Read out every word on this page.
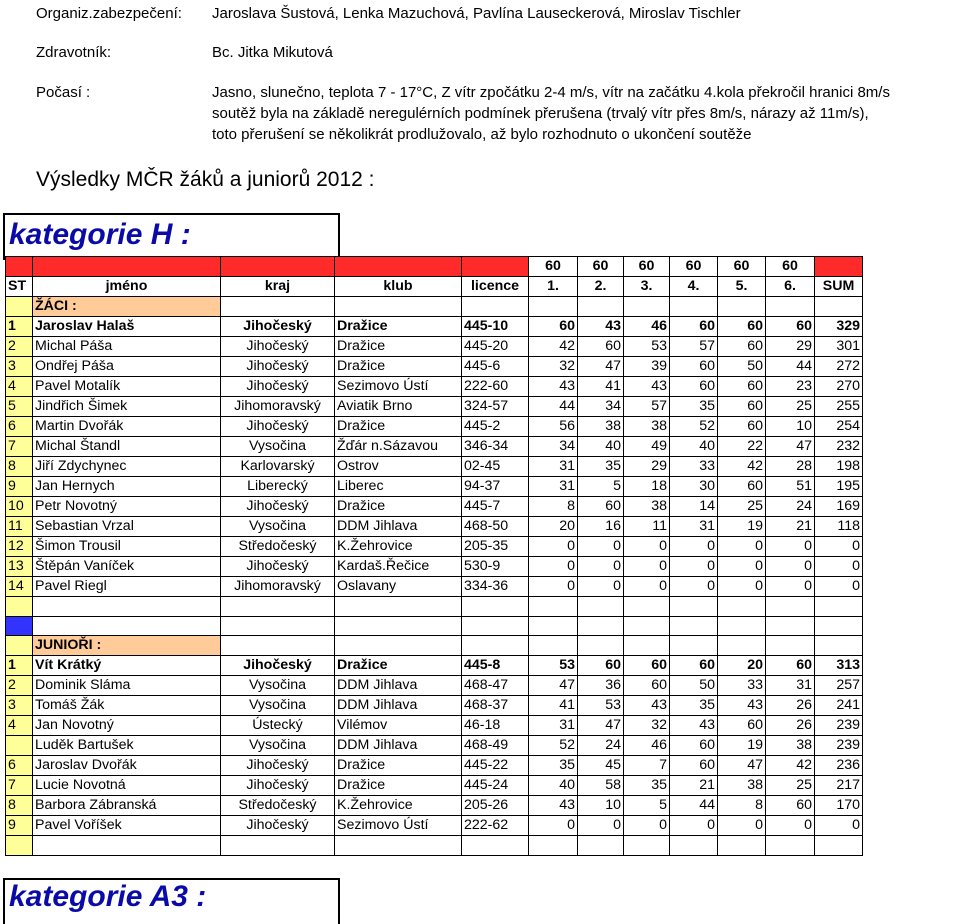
Organiz.zabezpečení: Jaroslava Šustová, Lenka Mazuchová, Pavlína Lauseckerová, Miroslav Tischler
Zdravotník:	Bc. Jitka Mikutová
Počasí :	Jasno, slunečno, teplota 7 - 17°C, Z vítr zpočátku 2-4 m/s, vítr na začátku 4.kola překročil hranici 8m/s
soutěž byla na základě neregulérních podmínek přerušena (trvalý vítr přes 8m/s, nárazy až 11m/s),
toto přerušení se několikrát prodlužovalo, až bylo rozhodnuto o ukončení soutěže
Výsledky MČR žáků a juniorů 2012 :
kategorie H :
					60	60	60	60	60	60	
ST	jméno	kraj	klub	licence	1.	2.	3.	4.	5.	6.	SUM
	ŽÁCI :										
1	Jaroslav Halaš	Jihočeský	Dražice	445-10	60	43	46	60	60	60	329
2	Michal Páša	Jihočeský	Dražice	445-20	42	60	53	57	60	29	301
3	Ondřej Páša	Jihočeský	Dražice	445-6	32	47	39	60	50	44	272
4	Pavel Motalík	Jihočeský	Sezimovo Ústí	222-60	43	41	43	60	60	23	270
5	Jindřich Šimek	Jihomoravský	Aviatik Brno	324-57	44	34	57	35	60	25	255
6	Martin Dvořák	Jihočeský	Dražice	445-2	56	38	38	52	60	10	254
7	Michal Štandl	Vysočina	Žďár n.Sázavou	346-34	34	40	49	40	22	47	232
8	Jiří Zdychynec	Karlovarský	Ostrov	02-45	31	35	29	33	42	28	198
9	Jan Hernych	Liberecký	Liberec	94-37	31	5	18	30	60	51	195
10	Petr Novotný	Jihočeský	Dražice	445-7	8	60	38	14	25	24	169
11	Sebastian Vrzal	Vysočina	DDM Jihlava	468-50	20	16	11	31	19	21	118
12	Šimon Trousil	Středočeský	K.Žehrovice	205-35	0	0	0	0	0	0	0
13	Štěpán Vaníček	Jihočeský	Kardaš.Řečice	530-9	0	0	0	0	0	0	0
14	Pavel Riegl	Jihomoravský	Oslavany	334-36	0	0	0	0	0	0	0

	JUNIOŘI :										
1	Vít Krátký	Jihočeský	Dražice	445-8	53	60	60	60	20	60	313
2	Dominik Sláma	Vysočina	DDM Jihlava	468-47	47	36	60	50	33	31	257
3	Tomáš Žák	Vysočina	DDM Jihlava	468-37	41	53	43	35	43	26	241
4	Jan Novotný	Ústecký	Vilémov	46-18	31	47	32	43	60	26	239
	Luděk Bartušek	Vysočina	DDM Jihlava	468-49	52	24	46	60	19	38	239
6	Jaroslav Dvořák	Jihočeský	Dražice	445-22	35	45	7	60	47	42	236
7	Lucie Novotná	Jihočeský	Dražice	445-24	40	58	35	21	38	25	217
8	Barbora Zábranská	Středočeský	K.Žehrovice	205-26	43	10	5	44	8	60	170
9	Pavel Voříšek	Jihočeský	Sezimovo Ústí	222-62	0	0	0	0	0	0	0

kategorie A3 :
